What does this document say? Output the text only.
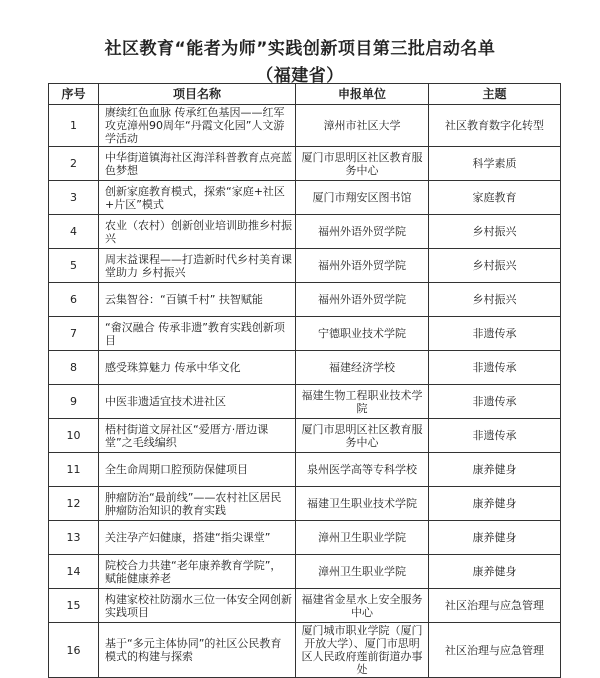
社区教育“能者为师”实践创新项目第三批启动名单
（福建省）
序号	项目名称	申报单位	主题
1	赓续红色血脉 传承红色基因——红军攻克漳州90周年“丹霞文化园”人文游学活动	漳州市社区大学	社区教育数字化转型
2	中华街道镇海社区海洋科普教育点亮蓝色梦想	厦门市思明区社区教育服务中心	科学素质
3	创新家庭教育模式，探索“家庭+社区+片区”模式	厦门市翔安区图书馆	家庭教育
4	农业（农村）创新创业培训助推乡村振兴	福州外语外贸学院	乡村振兴
5	周末益课程——打造新时代乡村美育课堂助力 乡村振兴	福州外语外贸学院	乡村振兴
6	云集智谷：“百镇千村” 扶智赋能	福州外语外贸学院	乡村振兴
7	“畲汉融合 传承非遗”教育实践创新项目	宁德职业技术学院	非遗传承
8	感受珠算魅力 传承中华文化	福建经济学校	非遗传承
9	中医非遗适宜技术进社区	福建生物工程职业技术学院	非遗传承
10	梧村街道文屏社区“爱厝方·厝边课堂”之毛线编织	厦门市思明区社区教育服务中心	非遗传承
11	全生命周期口腔预防保健项目	泉州医学高等专科学校	康养健身
12	肿瘤防治“最前线”——农村社区居民肿瘤防治知识的教育实践	福建卫生职业技术学院	康养健身
13	关注孕产妇健康，搭建“指尖课堂”	漳州卫生职业学院	康养健身
14	院校合力共建“老年康养教育学院”，赋能健康养老	漳州卫生职业学院	康养健身
15	构建家校社防溺水三位一体安全网创新实践项目	福建省金星水上安全服务中心	社区治理与应急管理
16	基于“多元主体协同”的社区公民教育模式的构建与探索	厦门城市职业学院（厦门开放大学）、厦门市思明区人民政府莲前街道办事处	社区治理与应急管理
